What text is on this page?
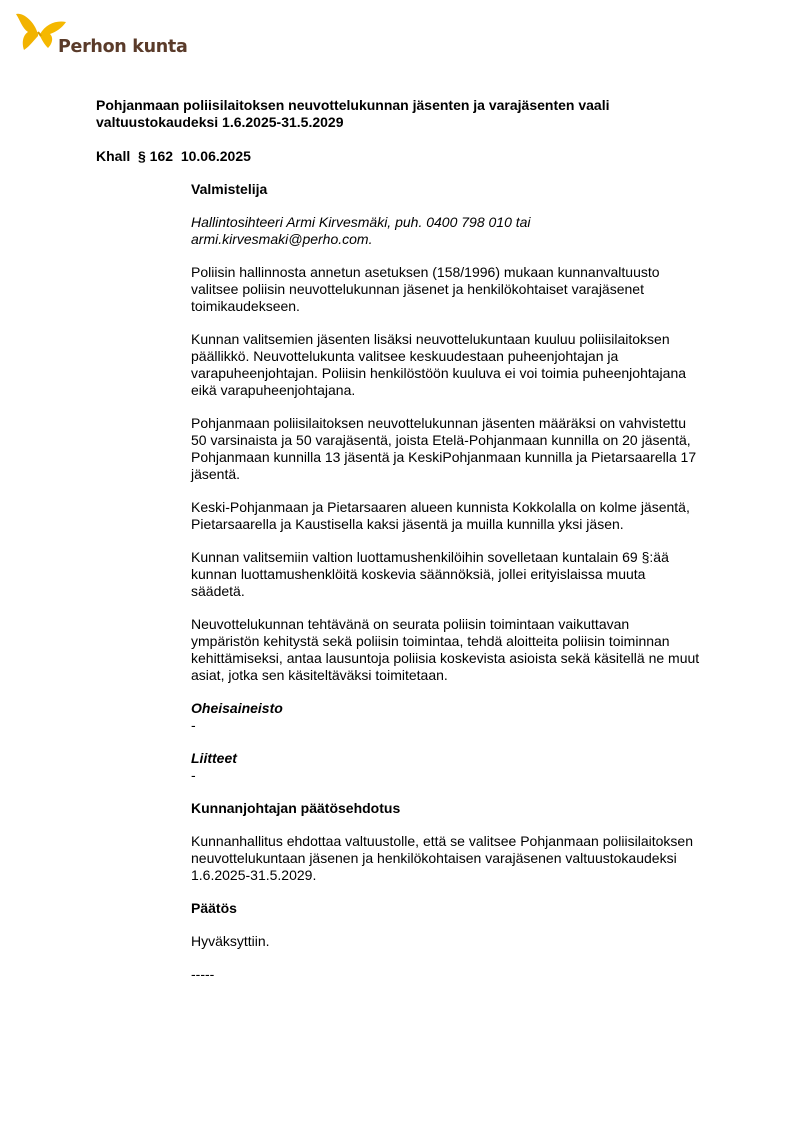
Perhon kunta
Pohjanmaan poliisilaitoksen neuvottelukunnan jäsenten ja varajäsenten vaali valtuustokaudeksi 1.6.2025-31.5.2029
Khall  § 162  10.06.2025

Valmistelija

Hallintosihteeri Armi Kirvesmäki, puh. 0400 798 010 tai armi.kirvesmaki@perho.com.

Poliisin hallinnosta annetun asetuksen (158/1996) mukaan kunnanvaltuusto valitsee poliisin neuvottelukunnan jäsenet ja henkilökohtaiset varajäsenet toimikaudekseen.

Kunnan valitsemien jäsenten lisäksi neuvottelukuntaan kuuluu poliisilaitoksen päällikkö. Neuvottelukunta valitsee keskuudestaan puheenjohtajan ja varapuheenjohtajan. Poliisin henkilöstöön kuuluva ei voi toimia puheenjohtajana eikä varapuheenjohtajana.

Pohjanmaan poliisilaitoksen neuvottelukunnan jäsenten määräksi on vahvistettu 50 varsinaista ja 50 varajäsentä, joista Etelä-Pohjanmaan kunnilla on 20 jäsentä, Pohjanmaan kunnilla 13 jäsentä ja KeskiPohjanmaan kunnilla ja Pietarsaarella 17 jäsentä.

Keski-Pohjanmaan ja Pietarsaaren alueen kunnista Kokkolalla on kolme jäsentä, Pietarsaarella ja Kaustisella kaksi jäsentä ja muilla kunnilla yksi jäsen.

Kunnan valitsemiin valtion luottamushenkilöihin sovelletaan kuntalain 69 §:ää kunnan luottamushenklöitä koskevia säännöksiä, jollei erityislaissa muuta säädetä.

Neuvottelukunnan tehtävänä on seurata poliisin toimintaan vaikuttavan ympäristön kehitystä sekä poliisin toimintaa, tehdä aloitteita poliisin toiminnan kehittämiseksi, antaa lausuntoja poliisia koskevista asioista sekä käsitellä ne muut asiat, jotka sen käsiteltäväksi toimitetaan.

Oheisaineisto

-

Liitteet

-

Kunnanjohtajan päätösehdotus

Kunnanhallitus ehdottaa valtuustolle, että se valitsee Pohjanmaan poliisilaitoksen neuvottelukuntaan jäsenen ja henkilökohtaisen varajäsenen valtuustokaudeksi 1.6.2025-31.5.2029.

Päätös

Hyväksyttiin.

-----
